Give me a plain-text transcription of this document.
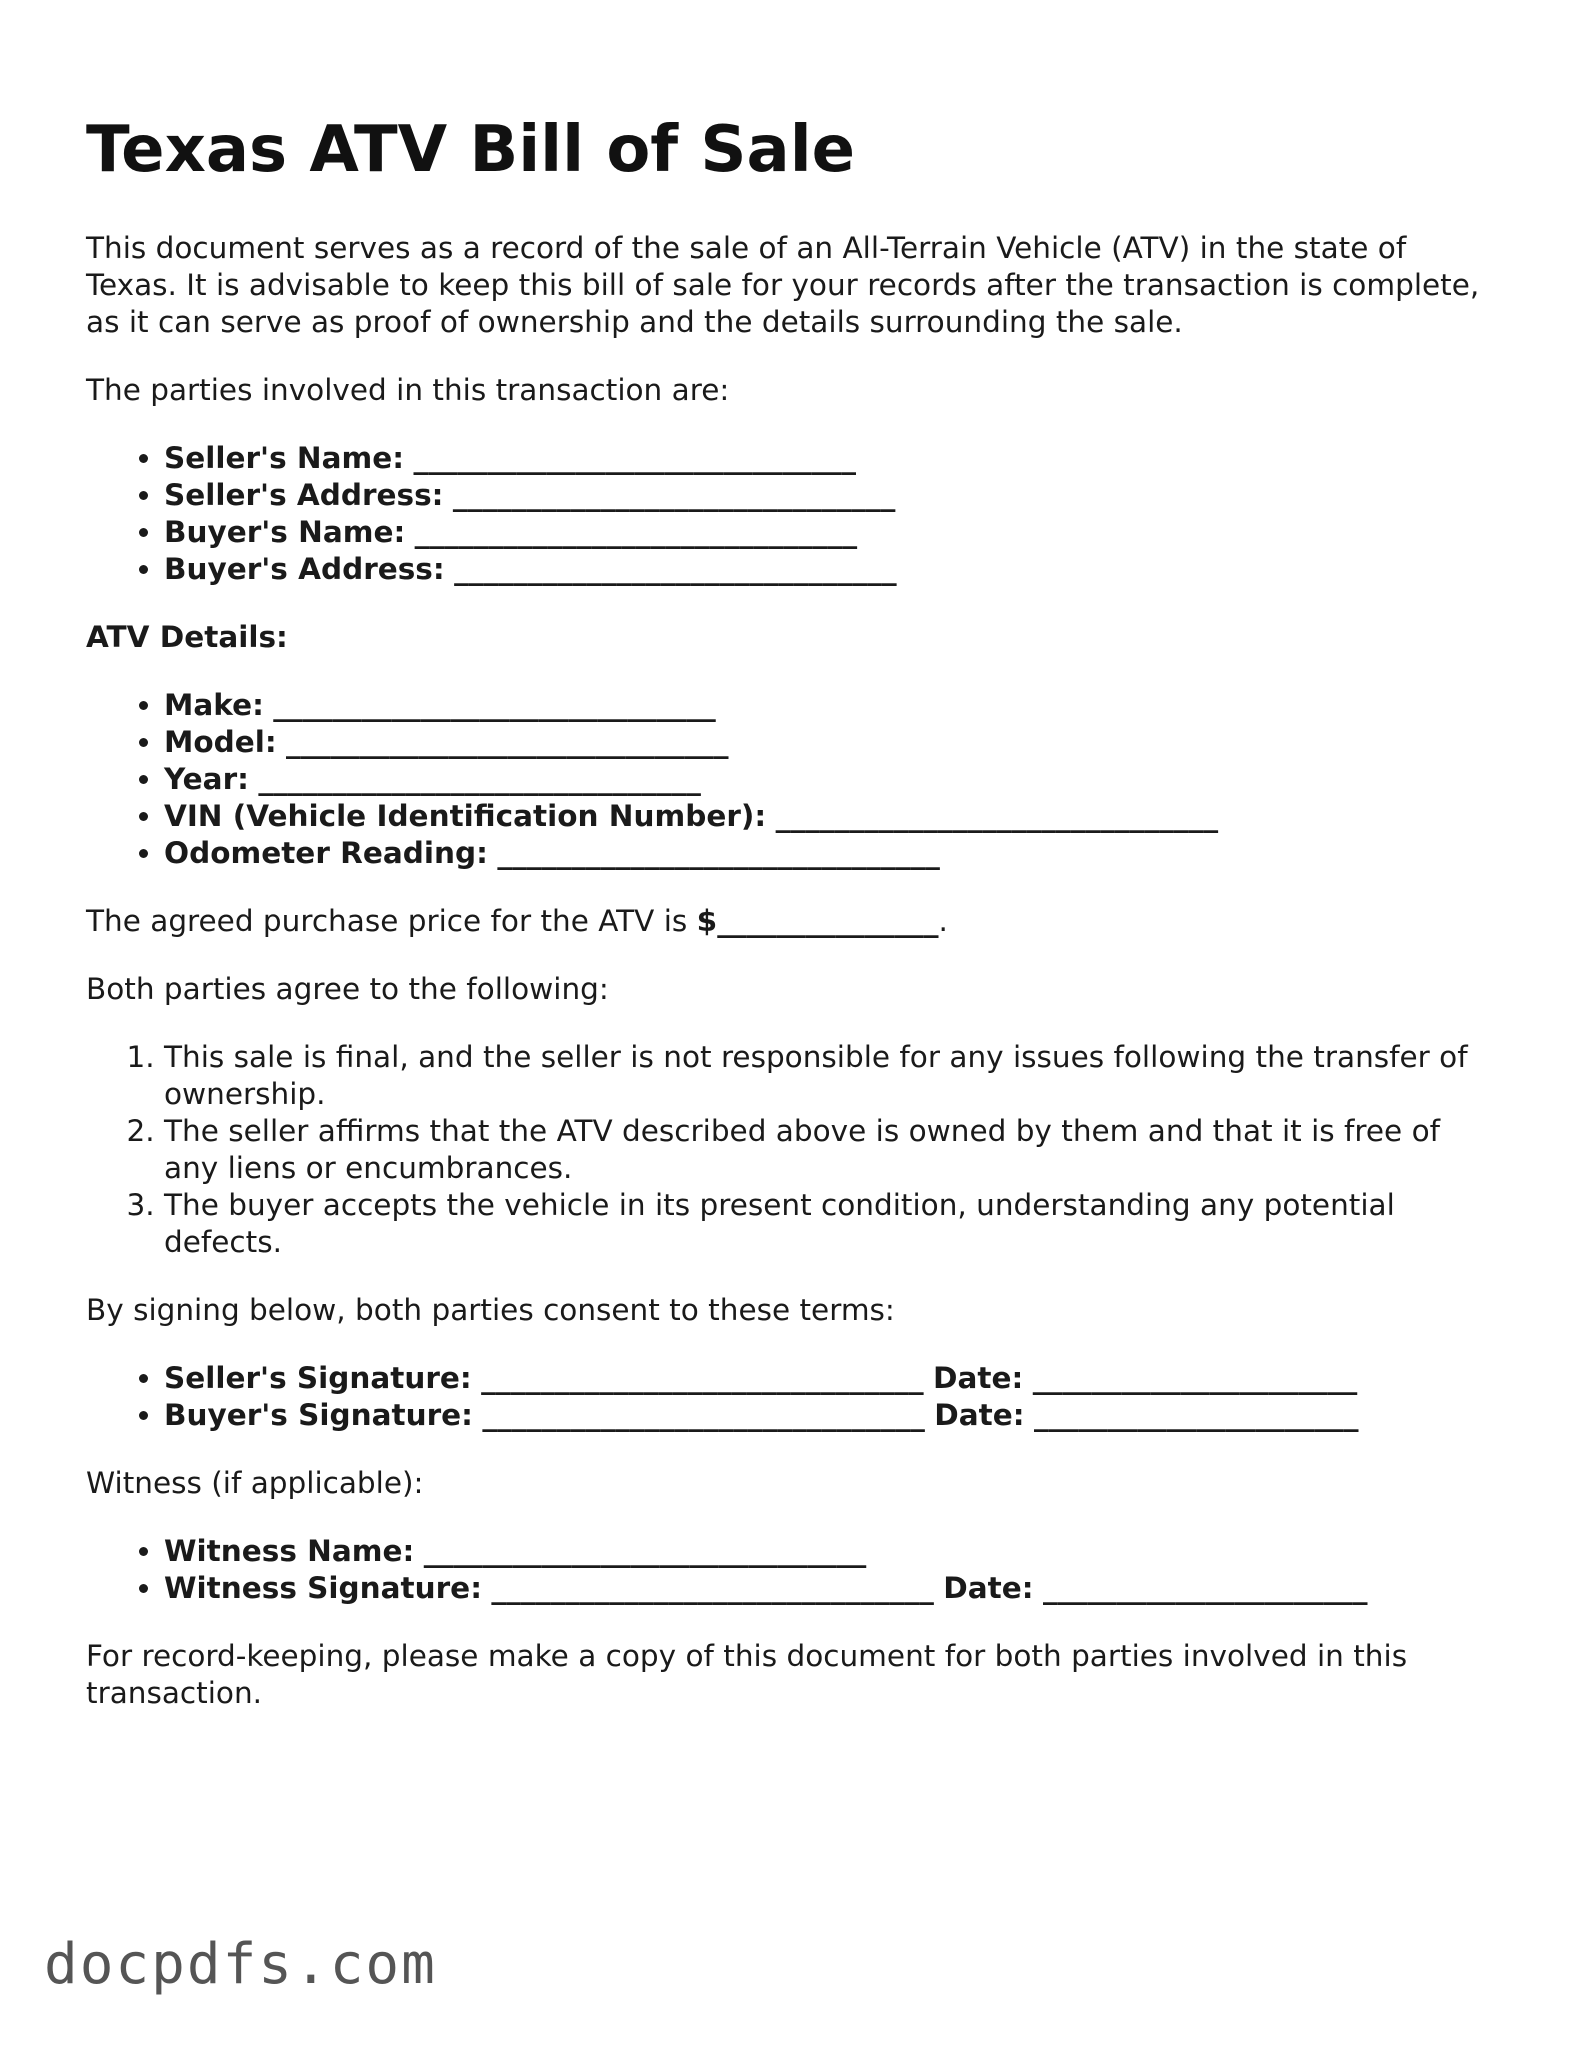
Texas ATV Bill of Sale

This document serves as a record of the sale of an All-Terrain Vehicle (ATV) in the state of Texas. It is advisable to keep this bill of sale for your records after the transaction is complete, as it can serve as proof of ownership and the details surrounding the sale.

The parties involved in this transaction are:

• Seller's Name: ______________________________
• Seller's Address: ______________________________
• Buyer's Name: ______________________________
• Buyer's Address: ______________________________

ATV Details:

• Make: ______________________________
• Model: ______________________________
• Year: ______________________________
• VIN (Vehicle Identification Number): ______________________________
• Odometer Reading: ______________________________

The agreed purchase price for the ATV is $_______________.

Both parties agree to the following:

1. This sale is final, and the seller is not responsible for any issues following the transfer of ownership.
2. The seller affirms that the ATV described above is owned by them and that it is free of any liens or encumbrances.
3. The buyer accepts the vehicle in its present condition, understanding any potential defects.

By signing below, both parties consent to these terms:

• Seller's Signature: ______________________________ Date: ______________________
• Buyer's Signature: ______________________________ Date: ______________________

Witness (if applicable):

• Witness Name: ______________________________
• Witness Signature: ______________________________ Date: ______________________

For record-keeping, please make a copy of this document for both parties involved in this transaction.

docpdfs.com
